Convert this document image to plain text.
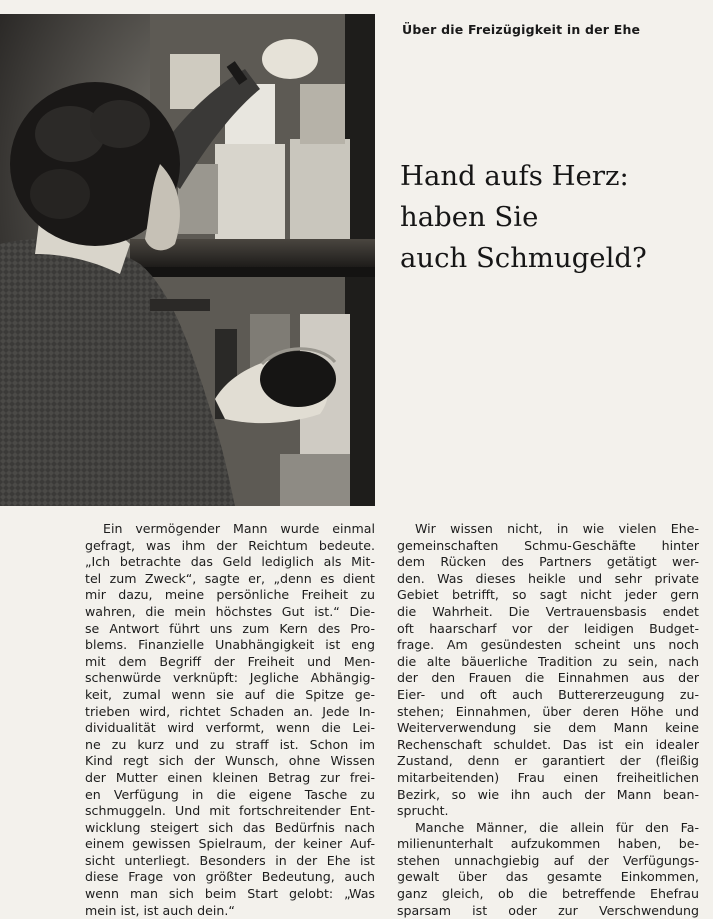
Über die Freizügigkeit in der Ehe
Hand aufs Herz:
haben Sie
auch Schmugeld?
Ein vermögender Mann wurde einmal
gefragt, was ihm der Reichtum bedeute.
„Ich betrachte das Geld lediglich als Mit-
tel zum Zweck“, sagte er, „denn es dient
mir dazu, meine persönliche Freiheit zu
wahren, die mein höchstes Gut ist.“ Die-
se Antwort führt uns zum Kern des Pro-
blems. Finanzielle Unabhängigkeit ist eng
mit dem Begriff der Freiheit und Men-
schenwürde verknüpft: Jegliche Abhängig-
keit, zumal wenn sie auf die Spitze ge-
trieben wird, richtet Schaden an. Jede In-
dividualität wird verformt, wenn die Lei-
ne zu kurz und zu straff ist. Schon im
Kind regt sich der Wunsch, ohne Wissen
der Mutter einen kleinen Betrag zur frei-
en Verfügung in die eigene Tasche zu
schmuggeln. Und mit fortschreitender Ent-
wicklung steigert sich das Bedürfnis nach
einem gewissen Spielraum, der keiner Auf-
sicht unterliegt. Besonders in der Ehe ist
diese Frage von größter Bedeutung, auch
wenn man sich beim Start gelobt: „Was
mein ist, ist auch dein.“
Wir wissen nicht, in wie vielen Ehe-
gemeinschaften Schmu-Geschäfte hinter
dem Rücken des Partners getätigt wer-
den. Was dieses heikle und sehr private
Gebiet betrifft, so sagt nicht jeder gern
die Wahrheit. Die Vertrauensbasis endet
oft haarscharf vor der leidigen Budget-
frage. Am gesündesten scheint uns noch
die alte bäuerliche Tradition zu sein, nach
der den Frauen die Einnahmen aus der
Eier- und oft auch Buttererzeugung zu-
stehen; Einnahmen, über deren Höhe und
Weiterverwendung sie dem Mann keine
Rechenschaft schuldet. Das ist ein idealer
Zustand, denn er garantiert der (fleißig
mitarbeitenden) Frau einen freiheitlichen
Bezirk, so wie ihn auch der Mann bean-
sprucht.
Manche Männer, die allein für den Fa-
milienunterhalt aufzukommen haben, be-
stehen unnachgiebig auf der Verfügungs-
gewalt über das gesamte Einkommen,
ganz gleich, ob die betreffende Ehefrau
sparsam ist oder zur Verschwendung
